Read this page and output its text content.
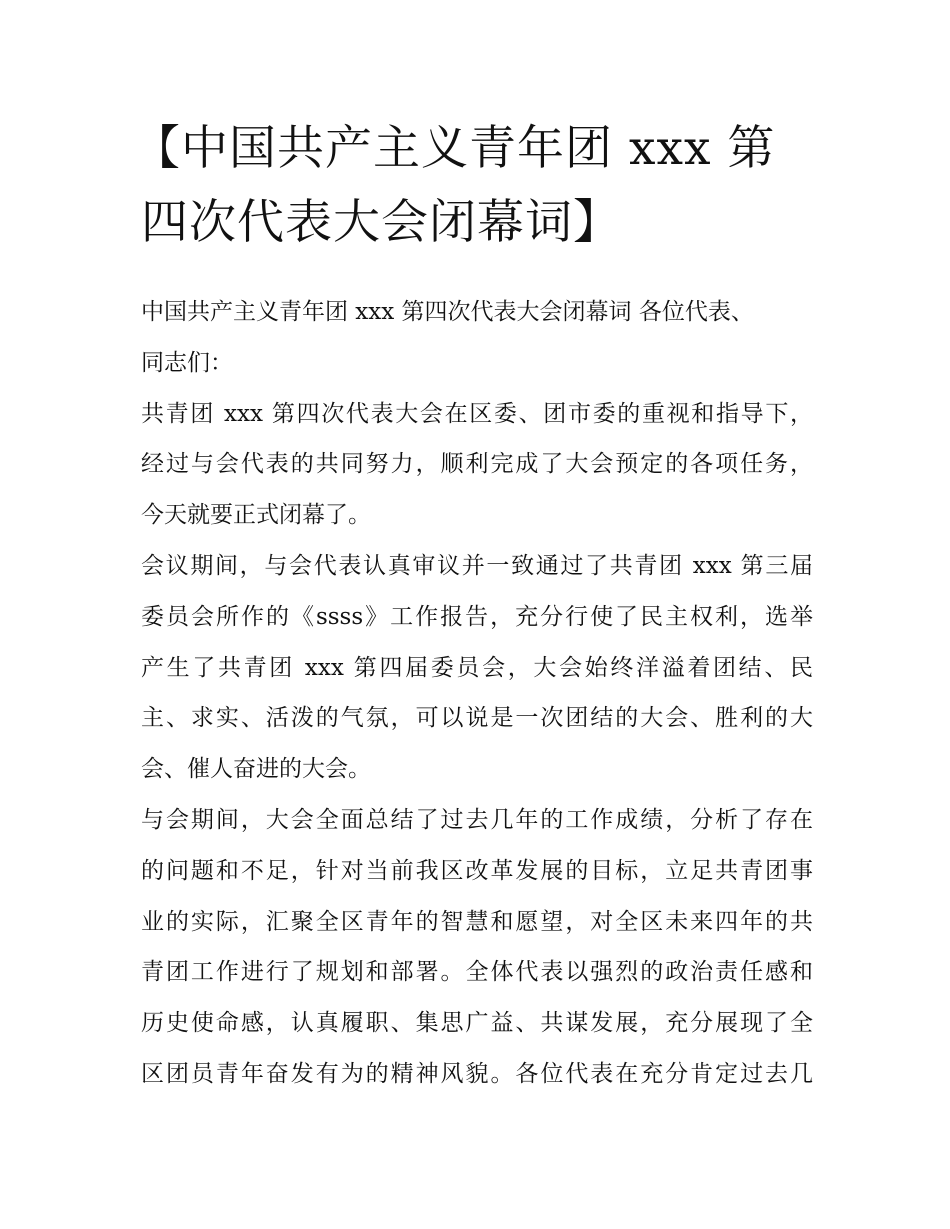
【中国共产主义青年团 xxx 第
四次代表大会闭幕词】
中国共产主义青年团 xxx 第四次代表大会闭幕词 各位代表、
同志们：
共青团 xxx 第四次代表大会在区委、团市委的重视和指导下，
经过与会代表的共同努力，顺利完成了大会预定的各项任务，
今天就要正式闭幕了。
会议期间，与会代表认真审议并一致通过了共青团 xxx 第三届
委员会所作的《ssss》工作报告，充分行使了民主权利，选举
产生了共青团 xxx 第四届委员会，大会始终洋溢着团结、民
主、求实、活泼的气氛，可以说是一次团结的大会、胜利的大
会、催人奋进的大会。
与会期间，大会全面总结了过去几年的工作成绩，分析了存在
的问题和不足，针对当前我区改革发展的目标，立足共青团事
业的实际，汇聚全区青年的智慧和愿望，对全区未来四年的共
青团工作进行了规划和部署。全体代表以强烈的政治责任感和
历史使命感，认真履职、集思广益、共谋发展，充分展现了全
区团员青年奋发有为的精神风貌。各位代表在充分肯定过去几
